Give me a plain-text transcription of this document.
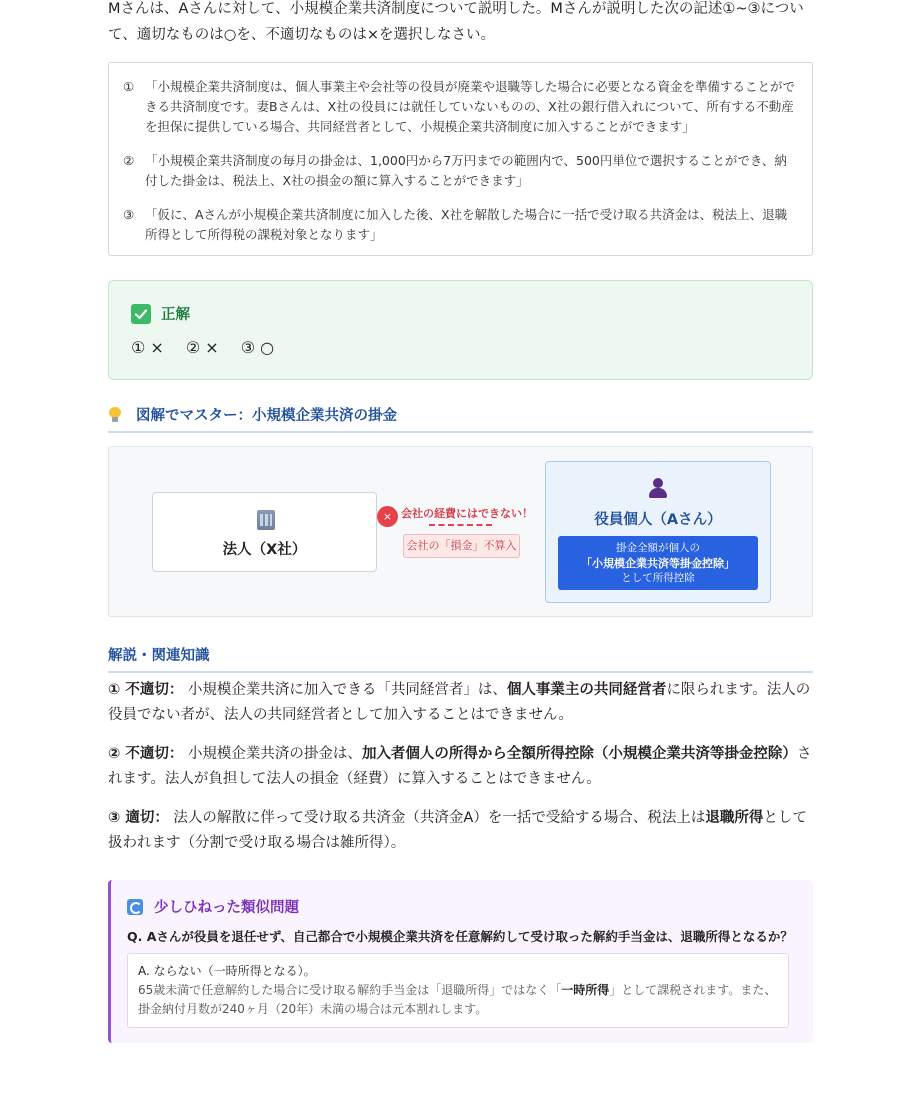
Mさんは、Aさんに対して、小規模企業共済制度について説明した。Mさんが説明した次の記述①~③について、適切なものは○を、不適切なものは×を選択しなさい。

① 「小規模企業共済制度は、個人事業主や会社等の役員が廃業や退職等した場合に必要となる資金を準備することができる共済制度です。妻Bさんは、X社の役員には就任していないものの、X社の銀行借入れについて、所有する不動産を担保に提供している場合、共同経営者として、小規模企業共済制度に加入することができます」
② 「小規模企業共済制度の毎月の掛金は、1,000円から7万円までの範囲内で、500円単位で選択することができ、納付した掛金は、税法上、X社の損金の額に算入することができます」
③ 「仮に、Aさんが小規模企業共済制度に加入した後、X社を解散した場合に一括で受け取る共済金は、税法上、退職所得として所得税の課税対象となります」
正解
① × ② × ③ ○
図解でマスター：小規模企業共済の掛金
法人（X社）
× 会社の経費にはできない！
会社の「損金」不算入
役員個人（Aさん）
掛金全額が個人の
「小規模企業共済等掛金控除」
として所得控除
解説・関連知識

① 不適切： 小規模企業共済に加入できる「共同経営者」は、個人事業主の共同経営者に限られます。法人の役員でない者が、法人の共同経営者として加入することはできません。

② 不適切： 小規模企業共済の掛金は、加入者個人の所得から全額所得控除（小規模企業共済等掛金控除）されます。法人が負担して法人の損金（経費）に算入することはできません。

③ 適切： 法人の解散に伴って受け取る共済金（共済金A）を一括で受給する場合、税法上は退職所得として扱われます（分割で受け取る場合は雑所得）。

少しひねった類似問題

Q. Aさんが役員を退任せず、自己都合で小規模企業共済を任意解約して受け取った解約手当金は、退職所得となるか？

A. ならない（一時所得となる）。
65歳未満で任意解約した場合に受け取る解約手当金は「退職所得」ではなく「一時所得」として課税されます。また、掛金納付月数が240ヶ月（20年）未満の場合は元本割れします。
